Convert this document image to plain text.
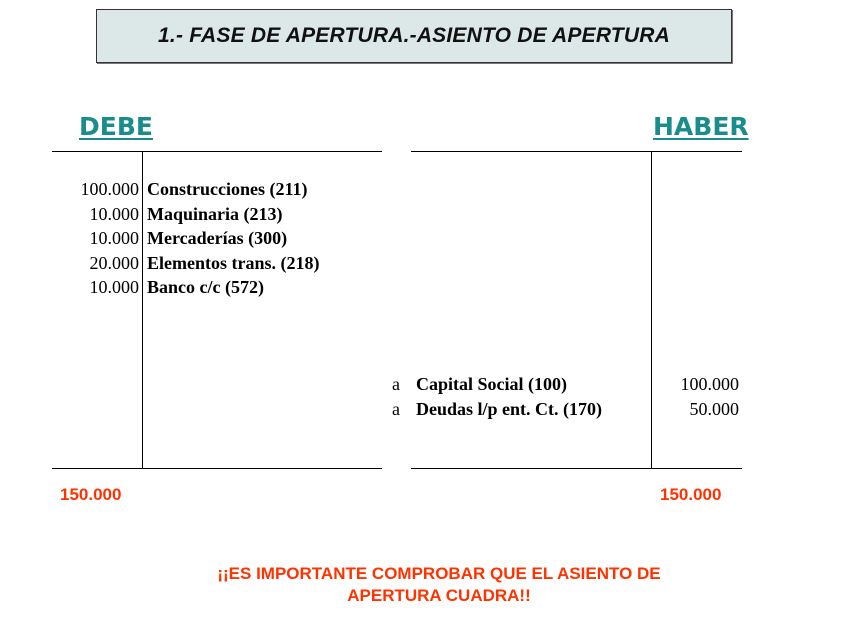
1.- FASE DE APERTURA.-ASIENTO DE APERTURA
DEBE	HABER
100.000
10.000
10.000
20.000
10.000
Construcciones (211)
Maquinaria (213)
Mercaderías (300)
Elementos trans. (218)
Banco c/c (572)
a
a
Capital Social (100)
Deudas l/p ent. Ct. (170)
100.000
50.000
150.000	150.000
¡¡ES IMPORTANTE COMPROBAR QUE EL ASIENTO DE
APERTURA CUADRA!!
